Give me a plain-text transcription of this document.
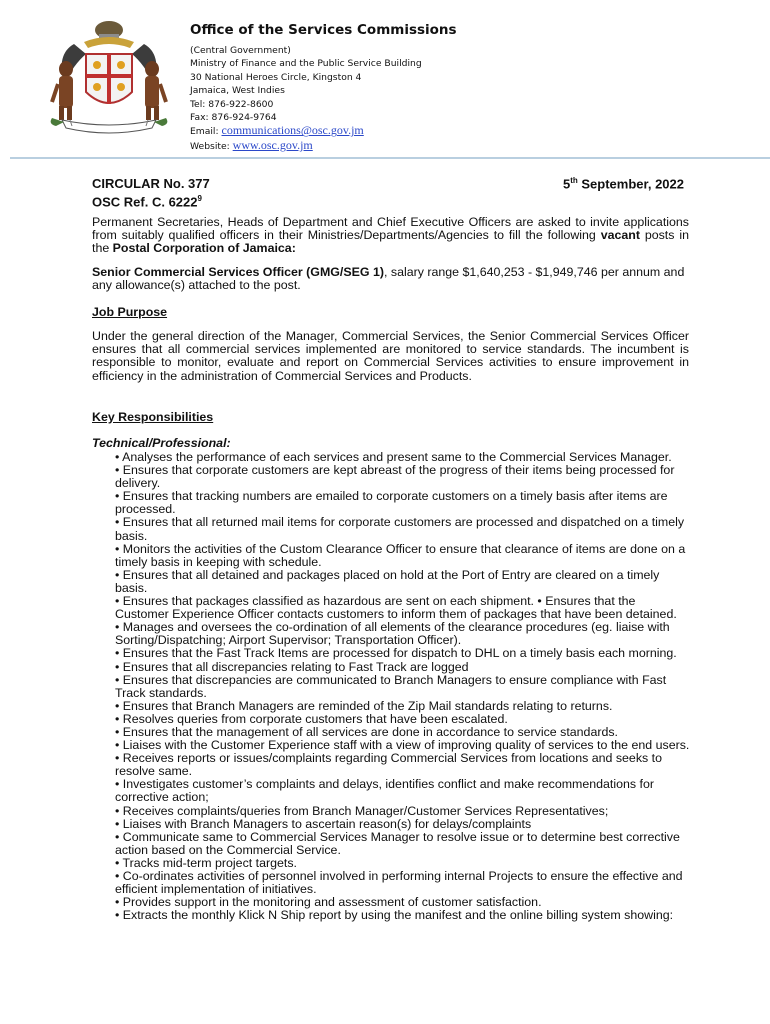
Office of the Services Commissions
(Central Government)
Ministry of Finance and the Public Service Building
30 National Heroes Circle, Kingston 4
Jamaica, West Indies
Tel: 876-922-8600
Fax: 876-924-9764
Email: communications@osc.gov.jm
Website: www.osc.gov.jm
CIRCULAR No. 377
OSC Ref. C. 6222$^9$
5th September, 2022
Permanent Secretaries, Heads of Department and Chief Executive Officers are asked to invite applications from suitably qualified officers in their Ministries/Departments/Agencies to fill the following vacant posts in the Postal Corporation of Jamaica:
Senior Commercial Services Officer (GMG/SEG 1), salary range $1,640,253 - $1,949,746 per annum and any allowance(s) attached to the post.
Job Purpose
Under the general direction of the Manager, Commercial Services, the Senior Commercial Services Officer ensures that all commercial services implemented are monitored to service standards. The incumbent is responsible to monitor, evaluate and report on Commercial Services activities to ensure improvement in efficiency in the administration of Commercial Services and Products.
Key Responsibilities
Technical/Professional:
• Analyses the performance of each services and present same to the Commercial Services Manager.
• Ensures that corporate customers are kept abreast of the progress of their items being processed for delivery.
• Ensures that tracking numbers are emailed to corporate customers on a timely basis after items are processed.
• Ensures that all returned mail items for corporate customers are processed and dispatched on a timely basis.
• Monitors the activities of the Custom Clearance Officer to ensure that clearance of items are done on a timely basis in keeping with schedule.
• Ensures that all detained and packages placed on hold at the Port of Entry are cleared on a timely basis.
• Ensures that packages classified as hazardous are sent on each shipment. • Ensures that the Customer Experience Officer contacts customers to inform them of packages that have been detained.
• Manages and oversees the co-ordination of all elements of the clearance procedures (eg. liaise with Sorting/Dispatching; Airport Supervisor; Transportation Officer).
• Ensures that the Fast Track Items are processed for dispatch to DHL on a timely basis each morning.
• Ensures that all discrepancies relating to Fast Track are logged
• Ensures that discrepancies are communicated to Branch Managers to ensure compliance with Fast Track standards.
• Ensures that Branch Managers are reminded of the Zip Mail standards relating to returns.
• Resolves queries from corporate customers that have been escalated.
• Ensures that the management of all services are done in accordance to service standards.
• Liaises with the Customer Experience staff with a view of improving quality of services to the end users.
• Receives reports or issues/complaints regarding Commercial Services from locations and seeks to resolve same.
• Investigates customer’s complaints and delays, identifies conflict and make recommendations for corrective action;
• Receives complaints/queries from Branch Manager/Customer Services Representatives;
• Liaises with Branch Managers to ascertain reason(s) for delays/complaints
• Communicate same to Commercial Services Manager to resolve issue or to determine best corrective action based on the Commercial Service.
• Tracks mid-term project targets.
• Co-ordinates activities of personnel involved in performing internal Projects to ensure the effective and efficient implementation of initiatives.
• Provides support in the monitoring and assessment of customer satisfaction.
• Extracts the monthly Klick N Ship report by using the manifest and the online billing system showing:
